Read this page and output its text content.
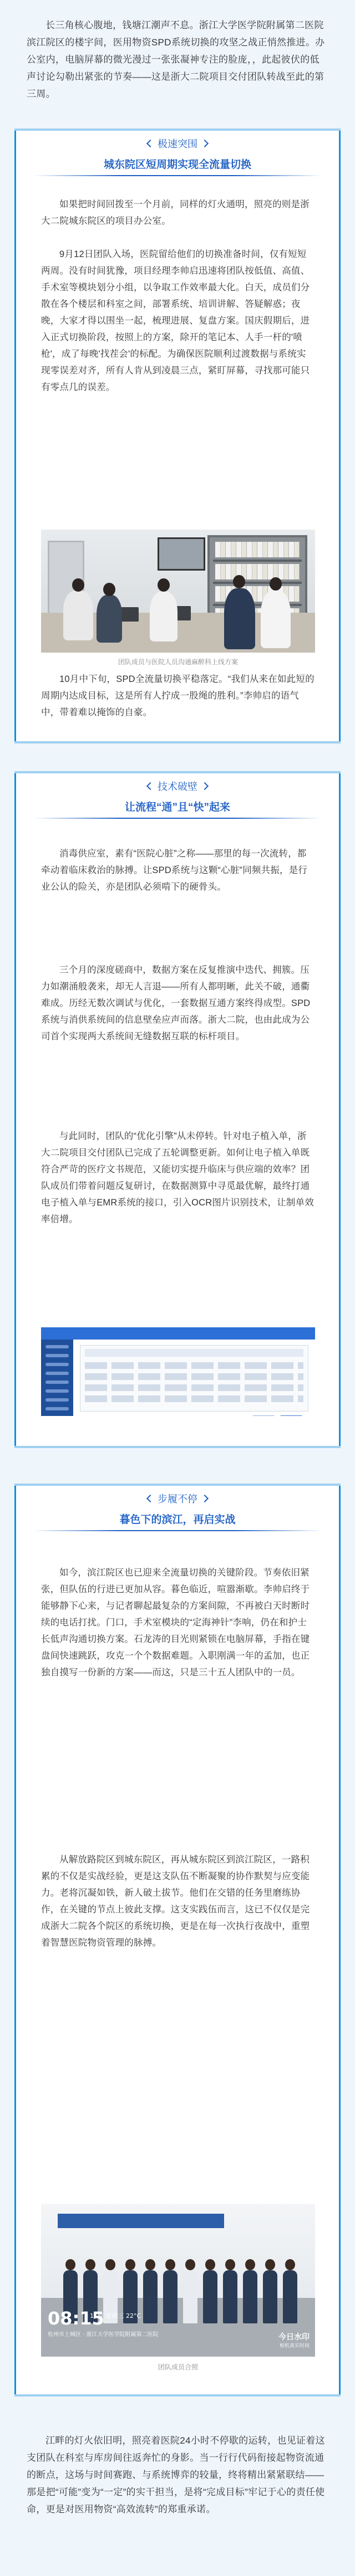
长三角核心腹地，钱塘江潮声不息。浙江大学医学院附属第二医院滨江院区的楼宇间，医用物资SPD系统切换的攻坚之战正悄然推进。办公室内，电脑屏幕的微光漫过一张张凝神专注的脸庞，，此起彼伏的低声讨论勾勒出紧张的节奏——这是浙大二院项目交付团队转战至此的第三周。

极速突围
城东院区短周期实现全流量切换

如果把时间回拨至一个月前，同样的灯火通明，照亮的则是浙大二院城东院区的项目办公室。

9月12日团队入场，医院留给他们的切换准备时间，仅有短短两周。没有时间犹豫，项目经理李帅启迅速将团队按低值、高值、手术室等模块划分小组，以争取工作效率最大化。白天，成员们分散在各个楼层和科室之间，部署系统、培训讲解、答疑解惑；夜晚，大家才得以围坐一起，梳理进展、复盘方案。国庆假期后，进入正式切换阶段，按照上的方案，除开的笔记本、人手一杆的'喷枪'，成了每晚'找茬会'的标配。为确保医院顺利过渡数据与系统实现零误差对齐，所有人肯从到凌晨三点，紧盯屏幕，寻找那可能只有零点几的误差。

团队成员与医院人员沟通麻醉科上线方案

10月中下旬，SPD全流量切换平稳落定。“我们从来在如此短的周期内达成目标，这是所有人拧成一股绳的胜利。”李帅启的语气中，带着难以掩饰的自豪。

技术破壁
让流程“通”且“快”起来

消毒供应室，素有“医院心脏”之称——那里的每一次流转，都牵动着临床救治的脉搏。让SPD系统与这颗“心脏”同频共振，是行业公认的险关，亦是团队必须啃下的硬骨头。

三个月的深度磋商中，数据方案在反复推演中迭代、拥簇。压力如潮涌般袭来，却无人言退——所有人都明晰，此关不破，通衢难成。历经无数次调试与优化，一套数据互通方案终得成型。SPD系统与消供系统间的信息壁垒应声而落。浙大二院，也由此成为公司首个实现两大系统间无缝数据互联的标杆项目。

与此同时，团队的“优化引擎”从未停转。针对电子植入单，浙大二院项目交付团队已完成了五轮调整更新。如何让电子植入单既符合严苛的医疗文书规范，又能切实提升临床与供应端的效率？团队成员们带着问题反复研讨，在数据测算中寻觅最优解，最终打通电子植入单与EMR系统的接口，引入OCR图片识别技术，让制单效率倍增。

步履不停
暮色下的滨江，再启实战

如今，滨江院区也已迎来全流量切换的关键阶段。节奏依旧紧张，但队伍的行进已更加从容。暮色临近，喧嚣渐歇。李帅启终于能够静下心来，与记者聊起最复杂的方案间隙，不再被白天时断时续的电话打扰。门口，手术室模块的“定海神针”李响，仍在和护士长低声沟通切换方案。石龙涛的目光则紧锁在电脑屏幕，手指在键盘间快速跳跃，攻克一个个数据难题。入职刚满一年的孟加，也正独自摸写一份新的方案——而这，只是三十五人团队中的一员。

从解放路院区到城东院区，再从城东院区到滨江院区，一路积累的不仅是实战经验，更是这支队伍不断凝聚的协作默契与应变能力。老将沉凝如铁，新人破土拔节。他们在交错的任务里磨练协作，在关键的节点上彼此支撑。这支实践伍而言，这已不仅仅是完成浙大二院各个院区的系统切换，更是在每一次执行夜战中，重塑着智慧医院物资管理的脉搏。

08:15
11月 星期三 22°C
杭州市上城区 · 浙江大学医学院附属第二医院	今日水印
相机真实时间
团队成员合照

江畔的灯火依旧明，照亮着医院24小时不停歇的运转，也见证着这支团队在科室与库房间往返奔忙的身影。当一行行代码衔接起物资流通的断点，这场与时间赛跑、与系统博弈的较量，终将精出紧紧联结——那是把“可能”变为“一定”的实干担当，是将“完成目标”牢记于心的责任使命，更是对医用物资“高效流转”的郑重承诺。
